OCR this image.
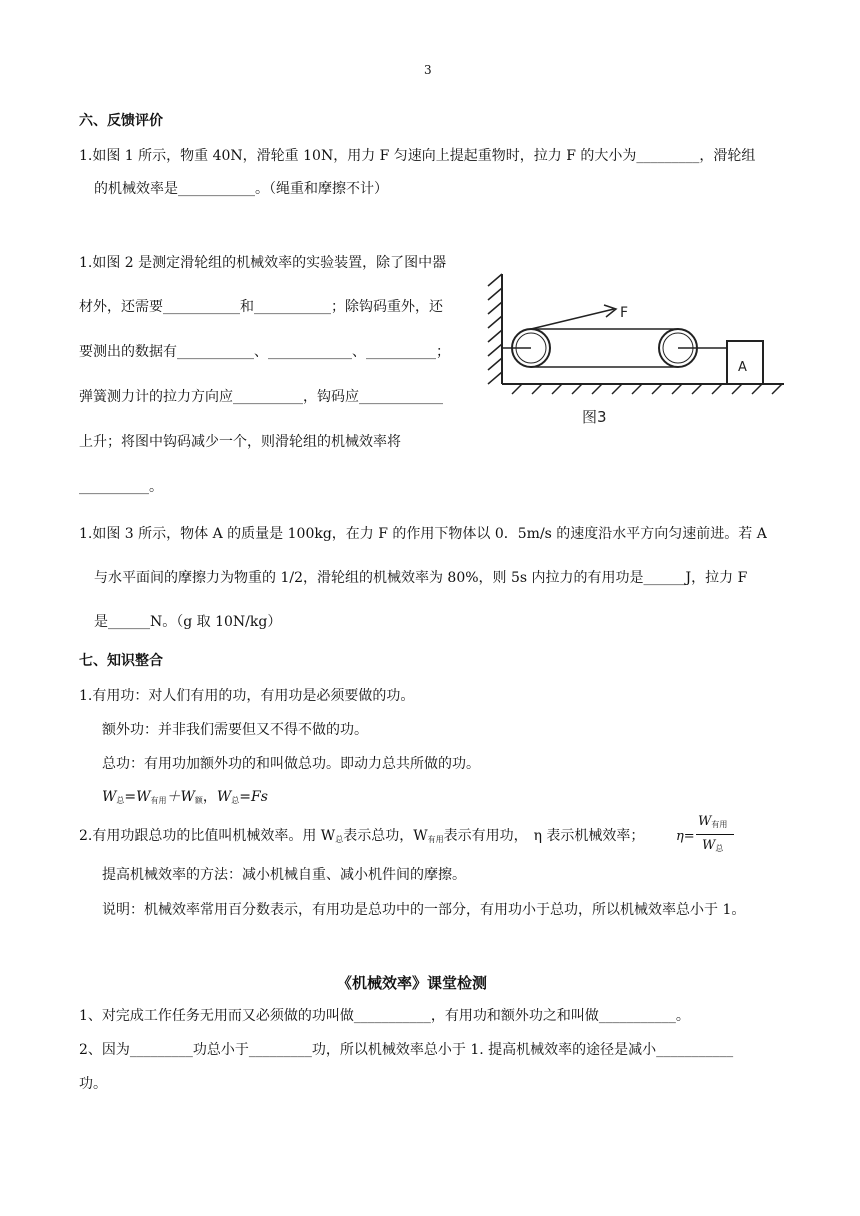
3
六、反馈评价
1.如图 1 所示，物重 40N，滑轮重 10N，用力 F 匀速向上提起重物时，拉力 F 的大小为_________，滑轮组
的机械效率是___________。（绳重和摩擦不计）
1.如图 2 是测定滑轮组的机械效率的实验装置，除了图中器
材外，还需要___________和___________；除钩码重外，还
要测出的数据有___________、____________、__________；
弹簧测力计的拉力方向应__________，钩码应____________
上升；将图中钩码减少一个，则滑轮组的机械效率将
__________。
F
A
图3
1.如图 3 所示，物体 A 的质量是 100kg，在力 F 的作用下物体以 0．5m/s 的速度沿水平方向匀速前进。若 A
与水平面间的摩擦力为物重的 1/2，滑轮组的机械效率为 80%，则 5s 内拉力的有用功是______J，拉力 F
是______N。（g 取 10N/kg）
七、知识整合
1.有用功：对人们有用的功，有用功是必须要做的功。
额外功：并非我们需要但又不得不做的功。
总功：有用功加额外功的和叫做总功。即动力总共所做的功。
$W_总=W_{有用}+W_额$，$W_总=Fs$
2.有用功跟总功的比值叫机械效率。用 $W_总$表示总功，$W_{有用}$表示有用功， η 表示机械效率； η=
$W_{有用}$
$W_总$
提高机械效率的方法：减小机械自重、减小机件间的摩擦。
说明：机械效率常用百分数表示，有用功是总功中的一部分，有用功小于总功，所以机械效率总小于 1。
《机械效率》课堂检测
1、对完成工作任务无用而又必须做的功叫做___________，有用功和额外功之和叫做___________。
2、因为_________功总小于_________功，所以机械效率总小于 1. 提高机械效率的途径是减小___________
功。
